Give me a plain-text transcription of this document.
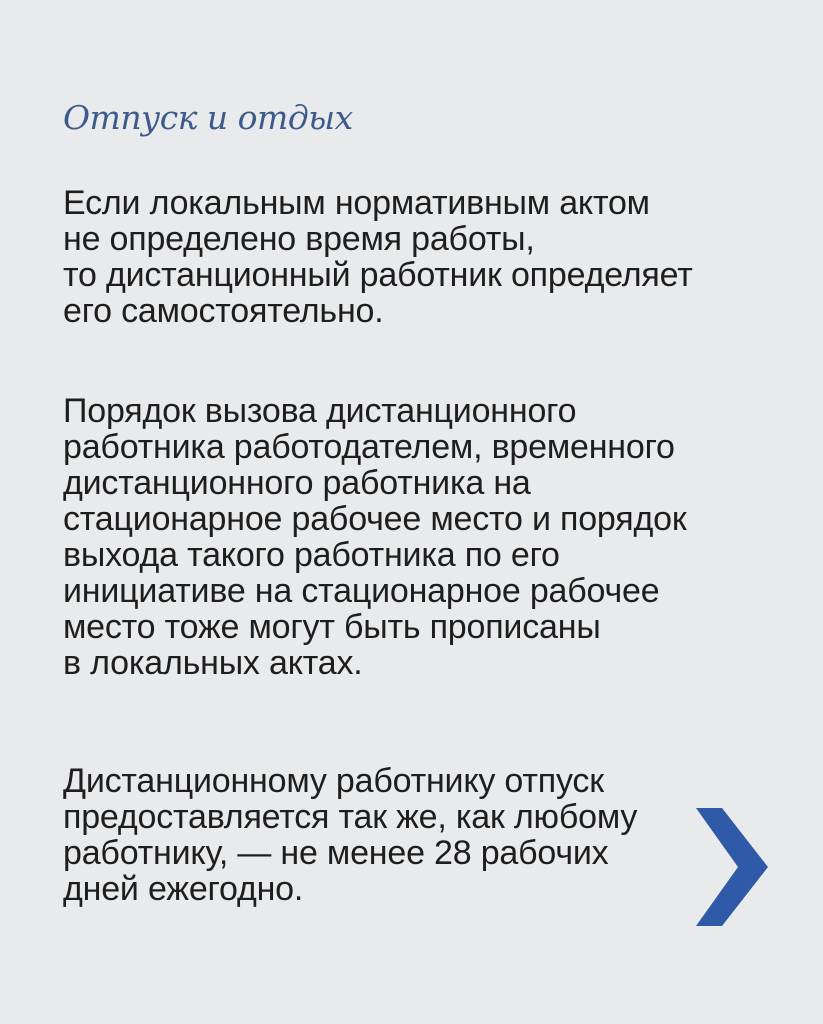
Отпуск и отдых

Если локальным нормативным актом
не определено время работы,
то дистанционный работник определяет
его самостоятельно.

Порядок вызова дистанционного
работника работодателем, временного
дистанционного работника на
стационарное рабочее место и порядок
выхода такого работника по его
инициативе на стационарное рабочее
место тоже могут быть прописаны
в локальных актах.

Дистанционному работнику отпуск
предоставляется так же, как любому
работнику, — не менее 28 рабочих
дней ежегодно.
